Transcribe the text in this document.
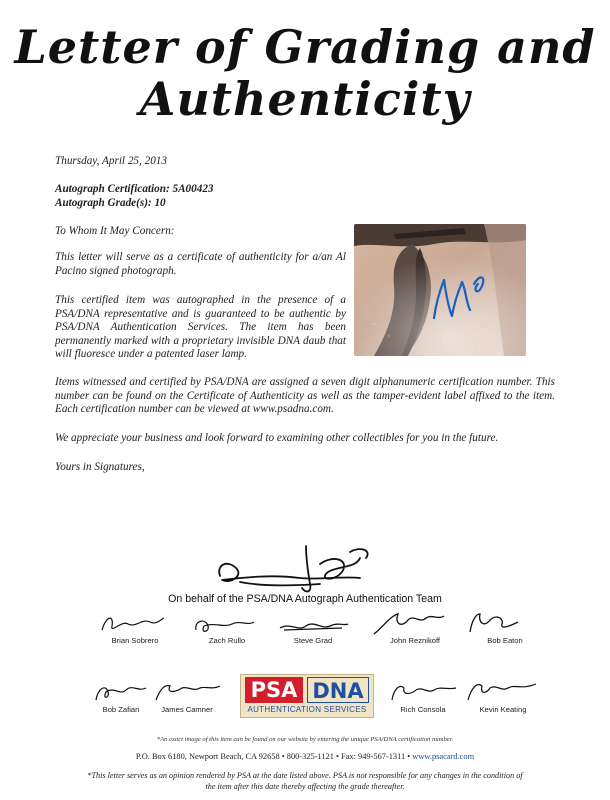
Letter of Grading and
Authenticity
Thursday, April 25, 2013
Autograph Certification: 5A00423
Autograph Grade(s): 10
To Whom It May Concern:
This letter will serve as a certificate of authenticity for a/an Al Pacino signed photograph.
This certified item was autographed in the presence of a PSA/DNA representative and is guaranteed to be authentic by PSA/DNA Authentication Services. The item has been permanently marked with a proprietary invisible DNA daub that will fluoresce under a patented laser lamp.
Items witnessed and certified by PSA/DNA are assigned a seven digit alphanumeric certification number. This number can be found on the Certificate of Authenticity as well as the tamper-evident label affixed to the item. Each certification number can be viewed at www.psadna.com.
We appreciate your business and look forward to examining other collectibles for you in the future.
Yours in Signatures,
On behalf of the PSA/DNA Autograph Authentication Team
Brian Sobrero	Zach Rullo	Steve Grad	John Reznikoff	Bob Eaton
Bob Zafian	James Camner
PSA DNA
AUTHENTICATION SERVICES	Rich Consola	Kevin Keating
*An exact image of this item can be found on our website by entering the unique PSA/DNA certification number.
P.O. Box 6180, Newport Beach, CA 92658 • 800-325-1121 • Fax: 949-567-1311 • www.psacard.com
*This letter serves as an opinion rendered by PSA at the date listed above. PSA is not responsible for any changes in the condition of
the item after this date thereby affecting the grade thereafter.
